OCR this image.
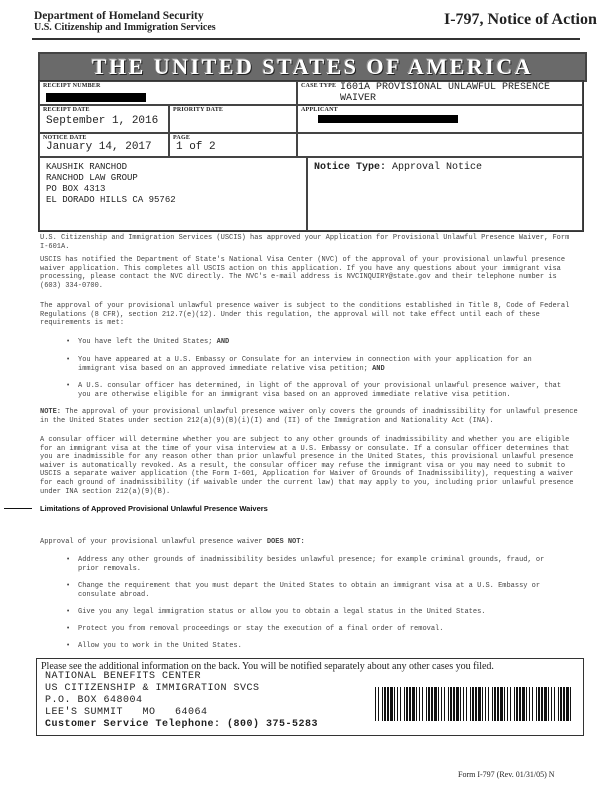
Department of Homeland Security
U.S. Citizenship and Immigration Services	I-797, Notice of Action
THE UNITED STATES OF AMERICA
RECEIPT NUMBER	CASE TYPE I601A PROVISIONAL UNLAWFUL PRESENCE WAIVER
RECEIPT DATE
September 1, 2016
PRIORITY DATE	APPLICANT
NOTICE DATE
January 14, 2017
PAGE
1 of 2
KAUSHIK RANCHOD
RANCHOD LAW GROUP
PO BOX 4313
EL DORADO HILLS CA 95762
Notice Type: Approval Notice

U.S. Citizenship and Immigration Services (USCIS) has approved your Application for Provisional Unlawful Presence Waiver, Form I-601A.

USCIS has notified the Department of State's National Visa Center (NVC) of the approval of your provisional unlawful presence waiver application. This completes all USCIS action on this application. If you have any questions about your immigrant visa processing, please contact the NVC directly. The NVC's e-mail address is NVCINQUIRY@state.gov and their telephone number is (603) 334-0700.

The approval of your provisional unlawful presence waiver is subject to the conditions established in Title 8, Code of Federal Regulations (8 CFR), section 212.7(e)(12). Under this regulation, the approval will not take effect until each of these requirements is met:

• You have left the United States; AND
• You have appeared at a U.S. Embassy or Consulate for an interview in connection with your application for an immigrant visa based on an approved immediate relative visa petition; AND
• A U.S. consular officer has determined, in light of the approval of your provisional unlawful presence waiver, that you are otherwise eligible for an immigrant visa based on an approved immediate relative visa petition.

NOTE: The approval of your provisional unlawful presence waiver only covers the grounds of inadmissibility for unlawful presence in the United States under section 212(a)(9)(B)(i)(I) and (II) of the Immigration and Nationality Act (INA).

A consular officer will determine whether you are subject to any other grounds of inadmissibility and whether you are eligible for an immigrant visa at the time of your visa interview at a U.S. Embassy or consulate. If a consular officer determines that you are inadmissible for any reason other than prior unlawful presence in the United States, this provisional unlawful presence waiver is automatically revoked. As a result, the consular officer may refuse the immigrant visa or you may need to submit to USCIS a separate waiver application (the Form I-601, Application for Waiver of Grounds of Inadmissibility), requesting a waiver for each ground of inadmissibility (if waivable under the current law) that may apply to you, including prior unlawful presence under INA section 212(a)(9)(B).

Approval of your provisional unlawful presence waiver DOES NOT:

• Address any other grounds of inadmissibility besides unlawful presence; for example criminal grounds, fraud, or prior removals.
• Change the requirement that you must depart the United States to obtain an immigrant visa at a U.S. Embassy or consulate abroad.
• Give you any legal immigration status or allow you to obtain a legal status in the United States.
• Protect you from removal proceedings or stay the execution of a final order of removal.
• Allow you to work in the United States.
Limitations of Approved Provisional Unlawful Presence Waivers
Please see the additional information on the back. You will be notified separately about any other cases you filed.
NATIONAL BENEFITS CENTER
US CITIZENSHIP & IMMIGRATION SVCS
P.O. BOX 648004
LEE'S SUMMIT   MO   64064
Customer Service Telephone: (800) 375-5283
Form I-797 (Rev. 01/31/05) N
